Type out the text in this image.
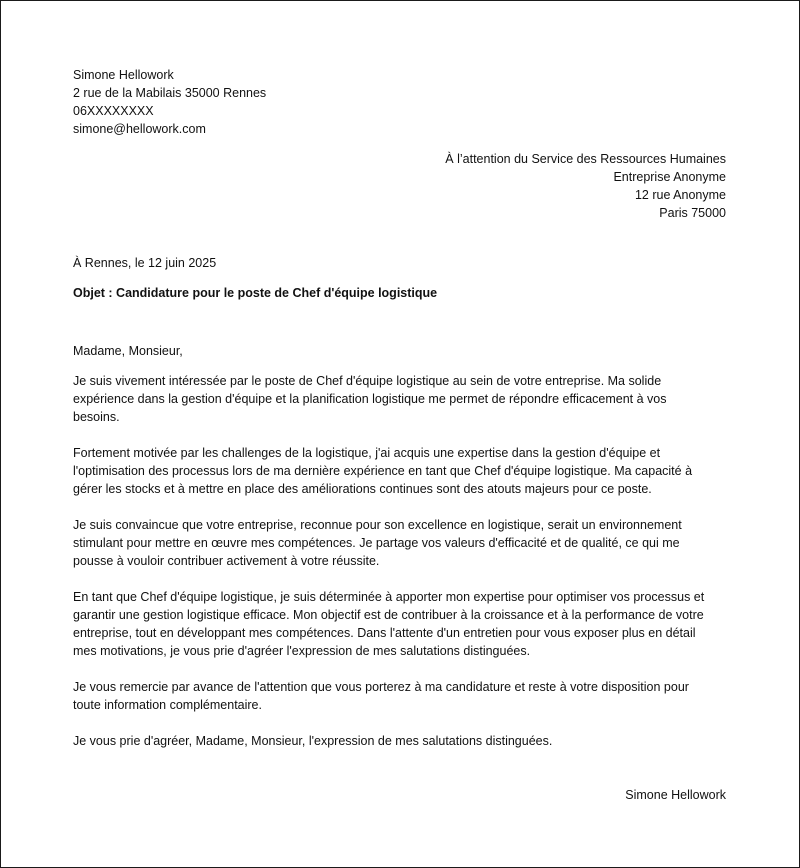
Simone Hellowork
2 rue de la Mabilais 35000 Rennes
06XXXXXXXX
simone@hellowork.com
À l’attention du Service des Ressources Humaines
Entreprise Anonyme
12 rue Anonyme
Paris 75000
À Rennes, le 12 juin 2025
Objet : Candidature pour le poste de Chef d'équipe logistique
Madame, Monsieur,

Je suis vivement intéressée par le poste de Chef d'équipe logistique au sein de votre entreprise. Ma solide
expérience dans la gestion d'équipe et la planification logistique me permet de répondre efficacement à vos
besoins.

Fortement motivée par les challenges de la logistique, j'ai acquis une expertise dans la gestion d'équipe et
l'optimisation des processus lors de ma dernière expérience en tant que Chef d'équipe logistique. Ma capacité à
gérer les stocks et à mettre en place des améliorations continues sont des atouts majeurs pour ce poste.

Je suis convaincue que votre entreprise, reconnue pour son excellence en logistique, serait un environnement
stimulant pour mettre en œuvre mes compétences. Je partage vos valeurs d'efficacité et de qualité, ce qui me
pousse à vouloir contribuer activement à votre réussite.

En tant que Chef d'équipe logistique, je suis déterminée à apporter mon expertise pour optimiser vos processus et
garantir une gestion logistique efficace. Mon objectif est de contribuer à la croissance et à la performance de votre
entreprise, tout en développant mes compétences. Dans l'attente d'un entretien pour vous exposer plus en détail
mes motivations, je vous prie d'agréer l'expression de mes salutations distinguées.

Je vous remercie par avance de l'attention que vous porterez à ma candidature et reste à votre disposition pour
toute information complémentaire.

Je vous prie d'agréer, Madame, Monsieur, l'expression de mes salutations distinguées.

Simone Hellowork
